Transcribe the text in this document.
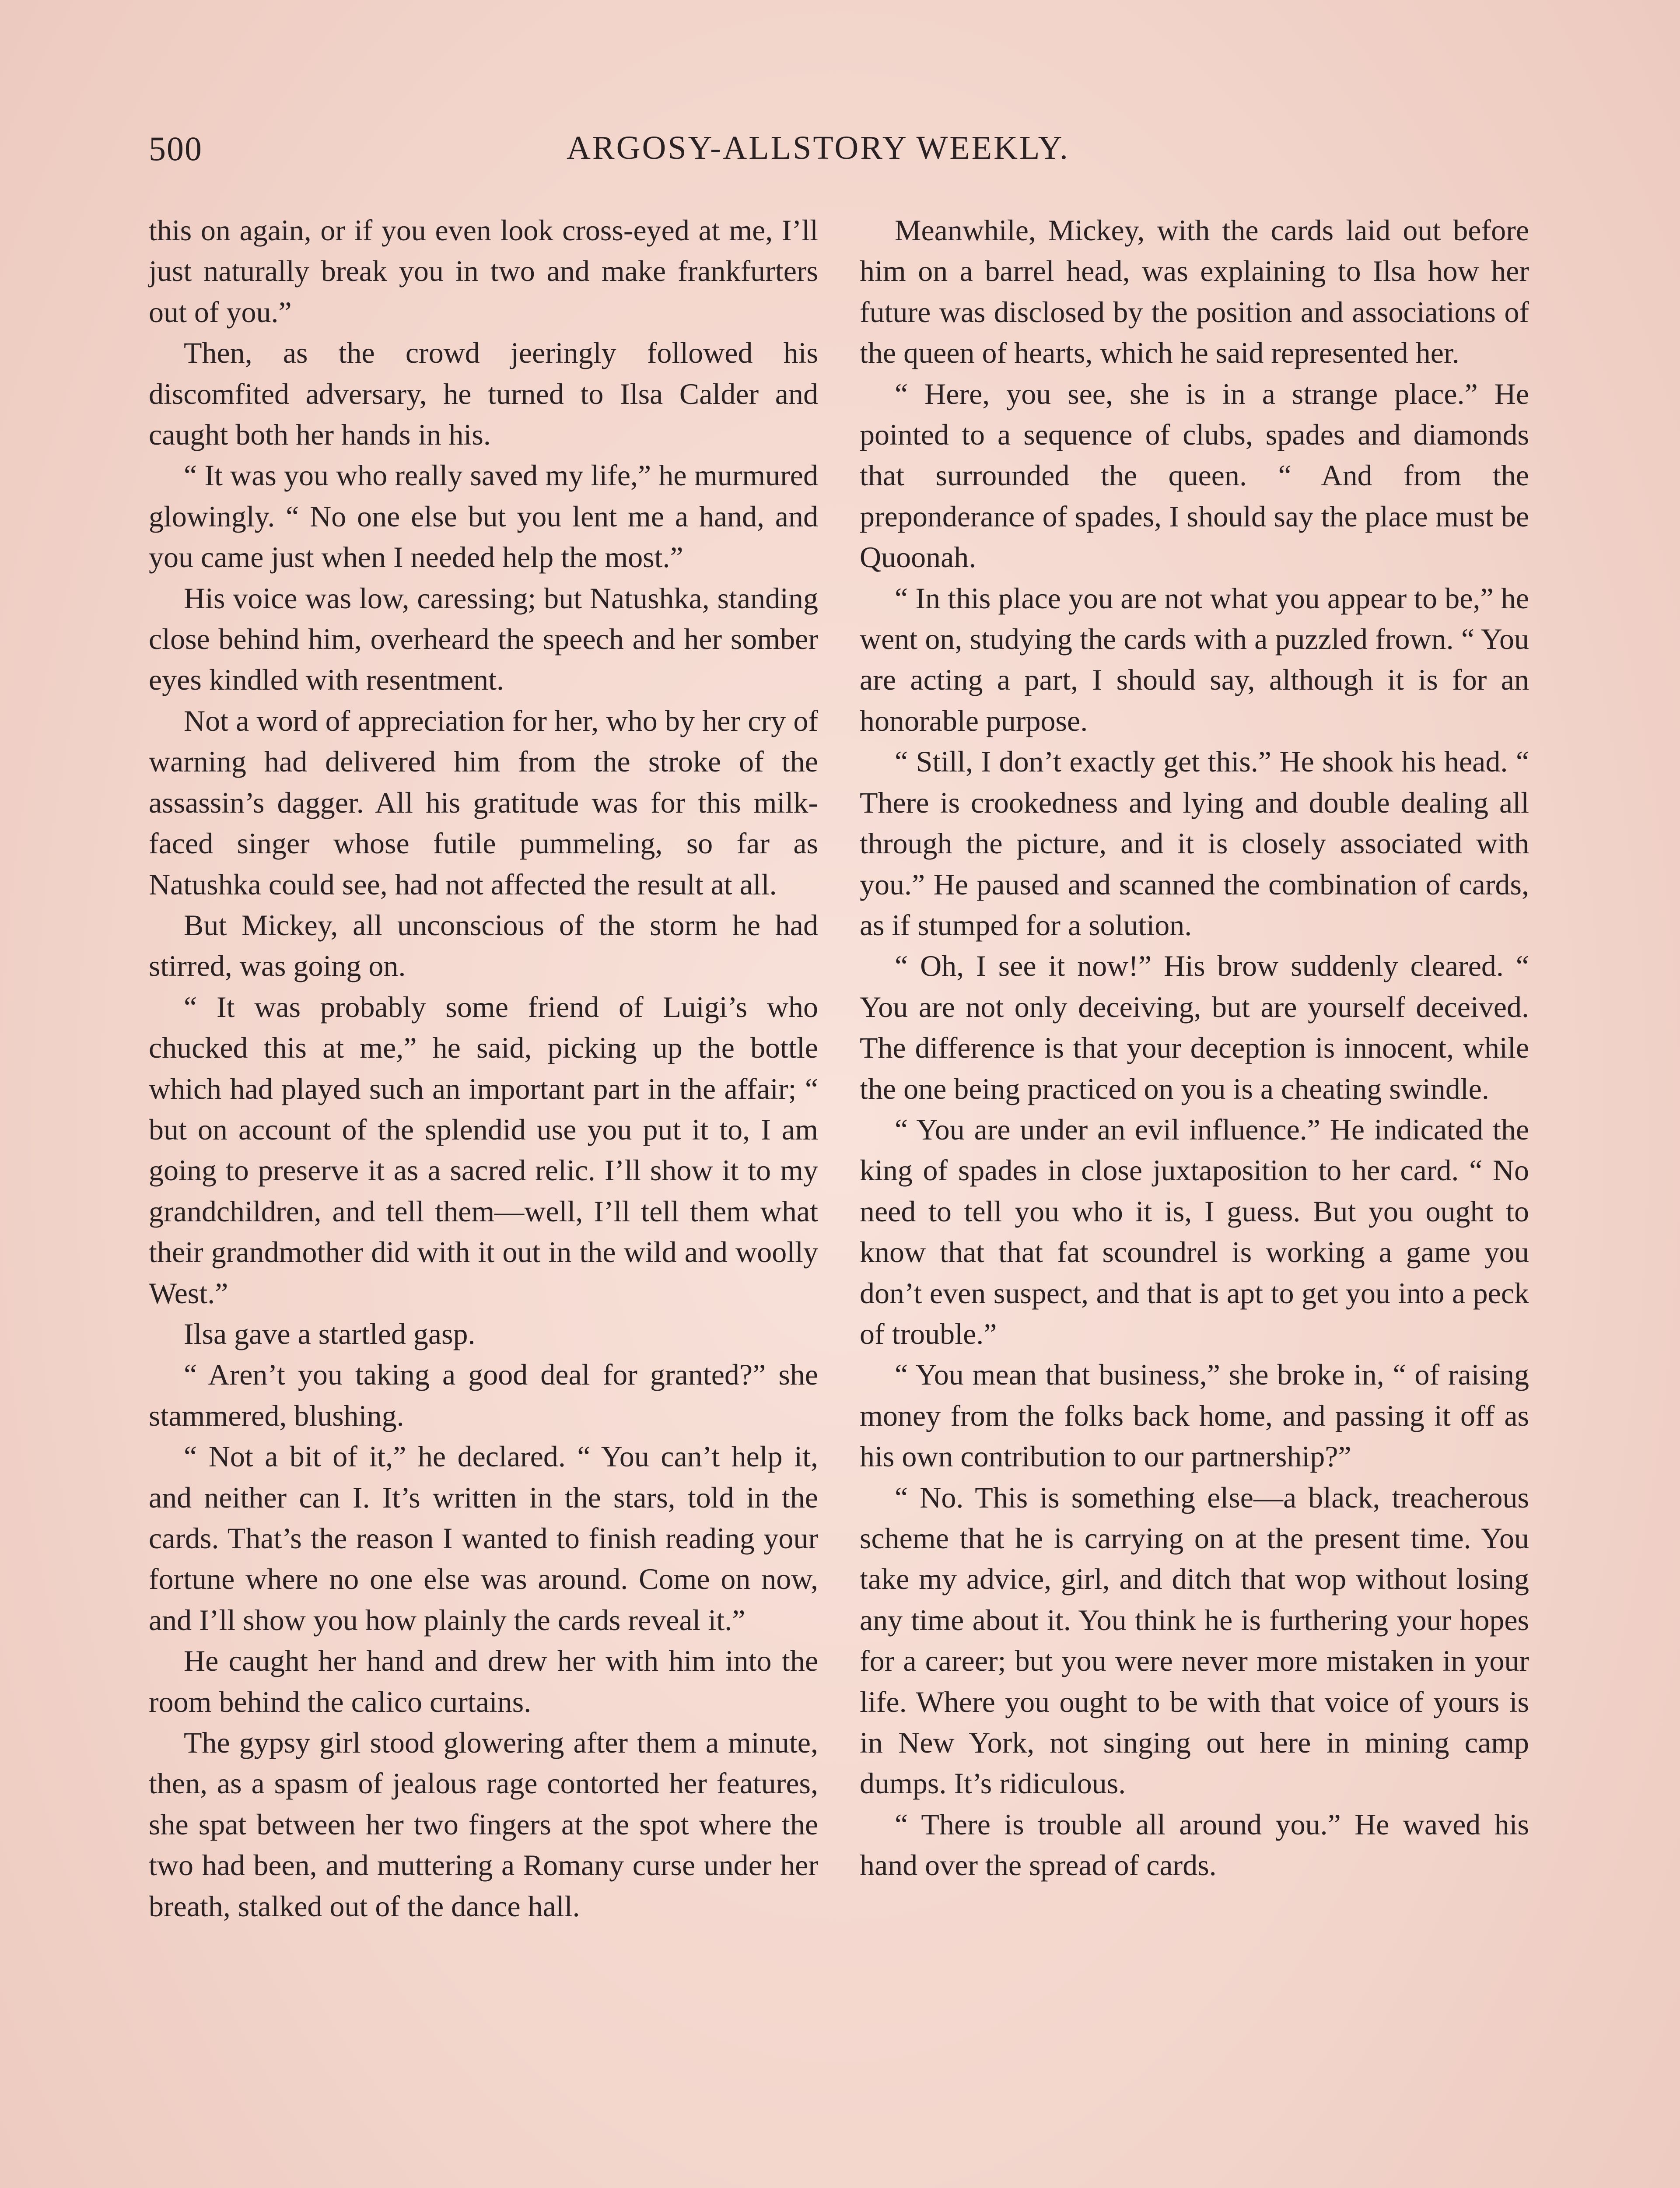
500	ARGOSY-ALLSTORY WEEKLY.

this on again, or if you even look cross-eyed at me, I’ll just naturally break you in two and make frankfurters out of you.”

Then, as the crowd jeeringly followed his discomfited adversary, he turned to Ilsa Calder and caught both her hands in his.

“ It was you who really saved my life,” he murmured glowingly. “ No one else but you lent me a hand, and you came just when I needed help the most.”

His voice was low, caressing; but Natushka, standing close behind him, overheard the speech and her somber eyes kindled with resentment.

Not a word of appreciation for her, who by her cry of warning had delivered him from the stroke of the assassin’s dagger. All his gratitude was for this milk-faced singer whose futile pummeling, so far as Natushka could see, had not affected the result at all.

But Mickey, all unconscious of the storm he had stirred, was going on.

“ It was probably some friend of Luigi’s who chucked this at me,” he said, picking up the bottle which had played such an important part in the affair; “ but on account of the splendid use you put it to, I am going to preserve it as a sacred relic. I’ll show it to my grandchildren, and tell them—well, I’ll tell them what their grandmother did with it out in the wild and woolly West.”

Ilsa gave a startled gasp.

“ Aren’t you taking a good deal for granted?” she stammered, blushing.

“ Not a bit of it,” he declared. “ You can’t help it, and neither can I. It’s written in the stars, told in the cards. That’s the reason I wanted to finish reading your fortune where no one else was around. Come on now, and I’ll show you how plainly the cards reveal it.”

He caught her hand and drew her with him into the room behind the calico curtains.

The gypsy girl stood glowering after them a minute, then, as a spasm of jealous rage contorted her features, she spat between her two fingers at the spot where the two had been, and muttering a Romany curse under her breath, stalked out of the dance hall.

Meanwhile, Mickey, with the cards laid out before him on a barrel head, was explaining to Ilsa how her future was disclosed by the position and associations of the queen of hearts, which he said represented her.

“ Here, you see, she is in a strange place.” He pointed to a sequence of clubs, spades and diamonds that surrounded the queen. “ And from the preponderance of spades, I should say the place must be Quoonah.

“ In this place you are not what you appear to be,” he went on, studying the cards with a puzzled frown. “ You are acting a part, I should say, although it is for an honorable purpose.

“ Still, I don’t exactly get this.” He shook his head. “ There is crookedness and lying and double dealing all through the picture, and it is closely associated with you.” He paused and scanned the combination of cards, as if stumped for a solution.

“ Oh, I see it now!” His brow suddenly cleared. “ You are not only deceiving, but are yourself deceived. The difference is that your deception is innocent, while the one being practiced on you is a cheating swindle.

“ You are under an evil influence.” He indicated the king of spades in close juxtaposition to her card. “ No need to tell you who it is, I guess. But you ought to know that that fat scoundrel is working a game you don’t even suspect, and that is apt to get you into a peck of trouble.”

“ You mean that business,” she broke in, “ of raising money from the folks back home, and passing it off as his own contribution to our partnership?”

“ No. This is something else—a black, treacherous scheme that he is carrying on at the present time. You take my advice, girl, and ditch that wop without losing any time about it. You think he is furthering your hopes for a career; but you were never more mistaken in your life. Where you ought to be with that voice of yours is in New York, not singing out here in mining camp dumps. It’s ridiculous.

“ There is trouble all around you.” He waved his hand over the spread of cards.
